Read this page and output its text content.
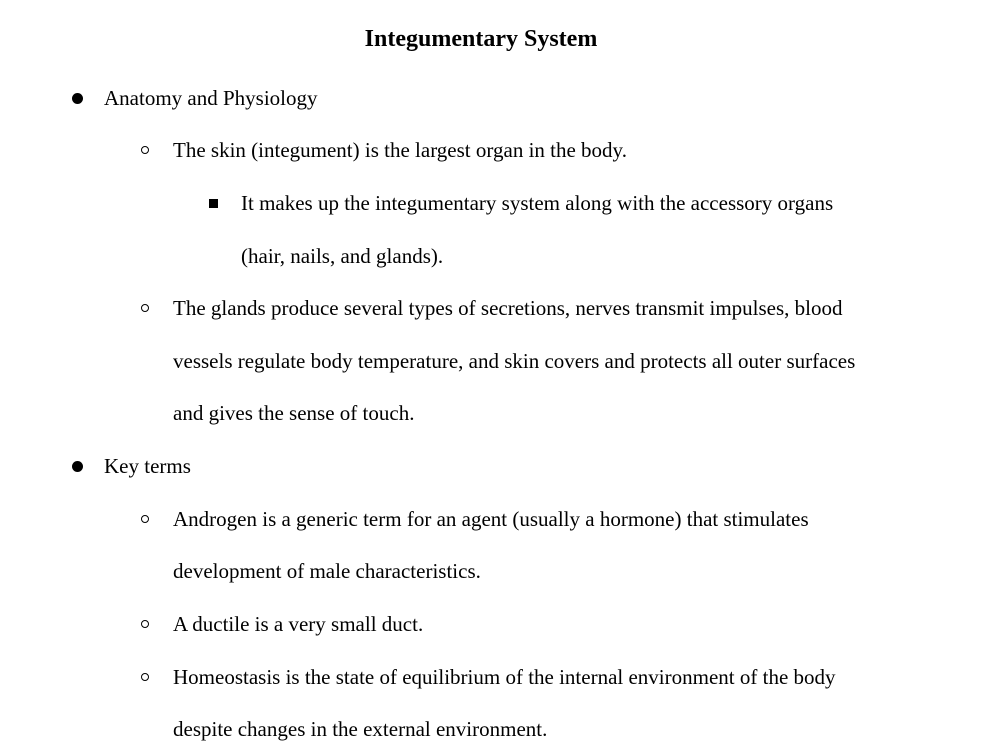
Integumentary System
Anatomy and Physiology
The skin (integument) is the largest organ in the body.
It makes up the integumentary system along with the accessory organs
(hair, nails, and glands).
The glands produce several types of secretions, nerves transmit impulses, blood
vessels regulate body temperature, and skin covers and protects all outer surfaces
and gives the sense of touch.
Key terms
Androgen is a generic term for an agent (usually a hormone) that stimulates
development of male characteristics.
A ductile is a very small duct.
Homeostasis is the state of equilibrium of the internal environment of the body
despite changes in the external environment.
